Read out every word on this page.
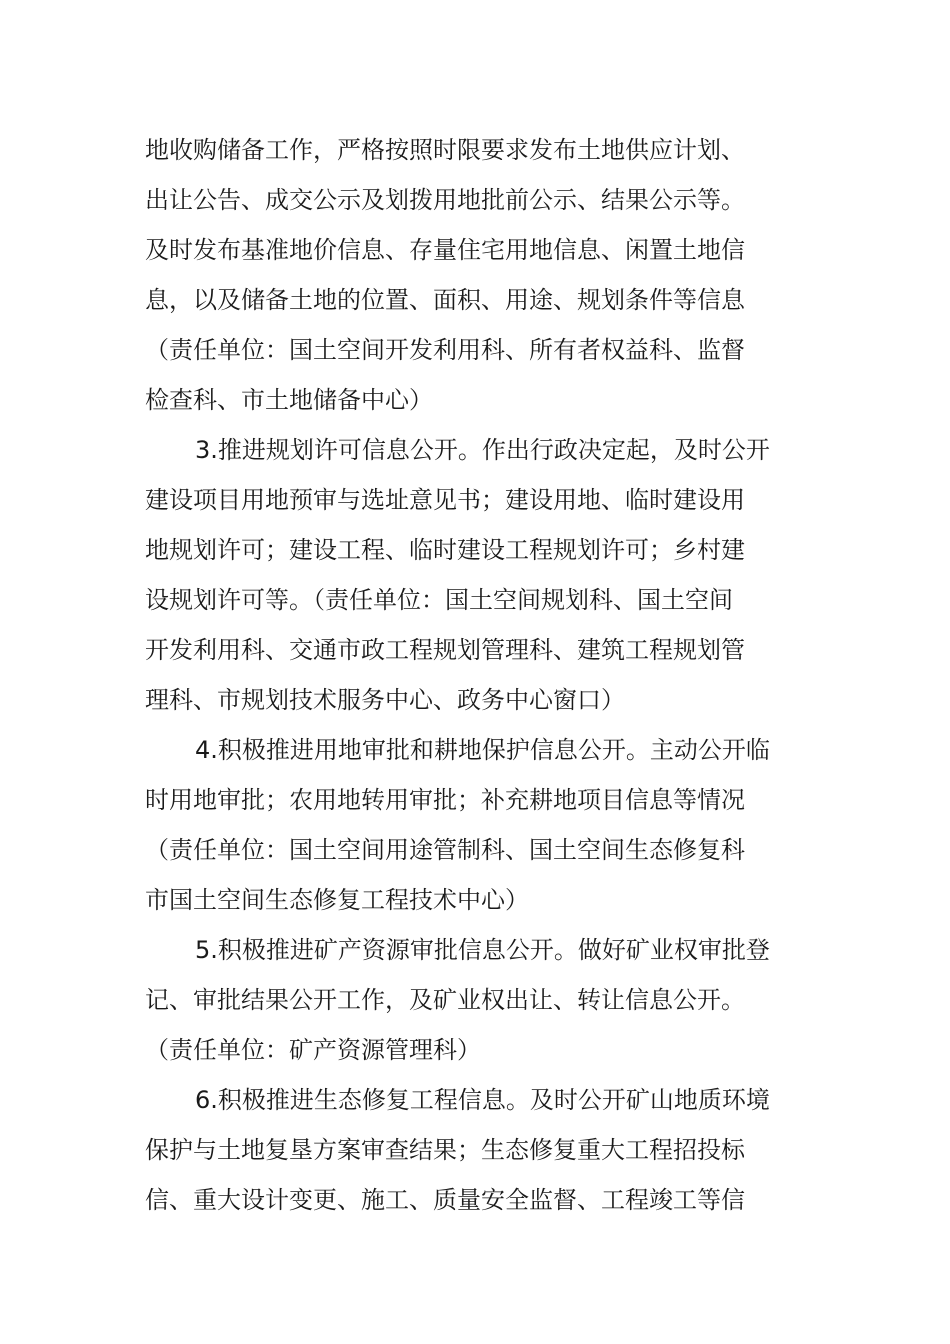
地收购储备工作，严格按照时限要求发布土地供应计划、
出让公告、成交公示及划拨用地批前公示、结果公示等。
及时发布基准地价信息、存量住宅用地信息、闲置土地信
息，以及储备土地的位置、面积、用途、规划条件等信息
（责任单位：国土空间开发利用科、所有者权益科、监督
检查科、市土地储备中心）
3.推进规划许可信息公开。作出行政决定起，及时公开
建设项目用地预审与选址意见书；建设用地、临时建设用
地规划许可；建设工程、临时建设工程规划许可；乡村建
设规划许可等。（责任单位：国土空间规划科、国土空间
开发利用科、交通市政工程规划管理科、建筑工程规划管
理科、市规划技术服务中心、政务中心窗口）
4.积极推进用地审批和耕地保护信息公开。主动公开临
时用地审批；农用地转用审批；补充耕地项目信息等情况
（责任单位：国土空间用途管制科、国土空间生态修复科
市国土空间生态修复工程技术中心）
5.积极推进矿产资源审批信息公开。做好矿业权审批登
记、审批结果公开工作，及矿业权出让、转让信息公开。
（责任单位：矿产资源管理科）
6.积极推进生态修复工程信息。及时公开矿山地质环境
保护与土地复垦方案审查结果；生态修复重大工程招投标
信、重大设计变更、施工、质量安全监督、工程竣工等信
